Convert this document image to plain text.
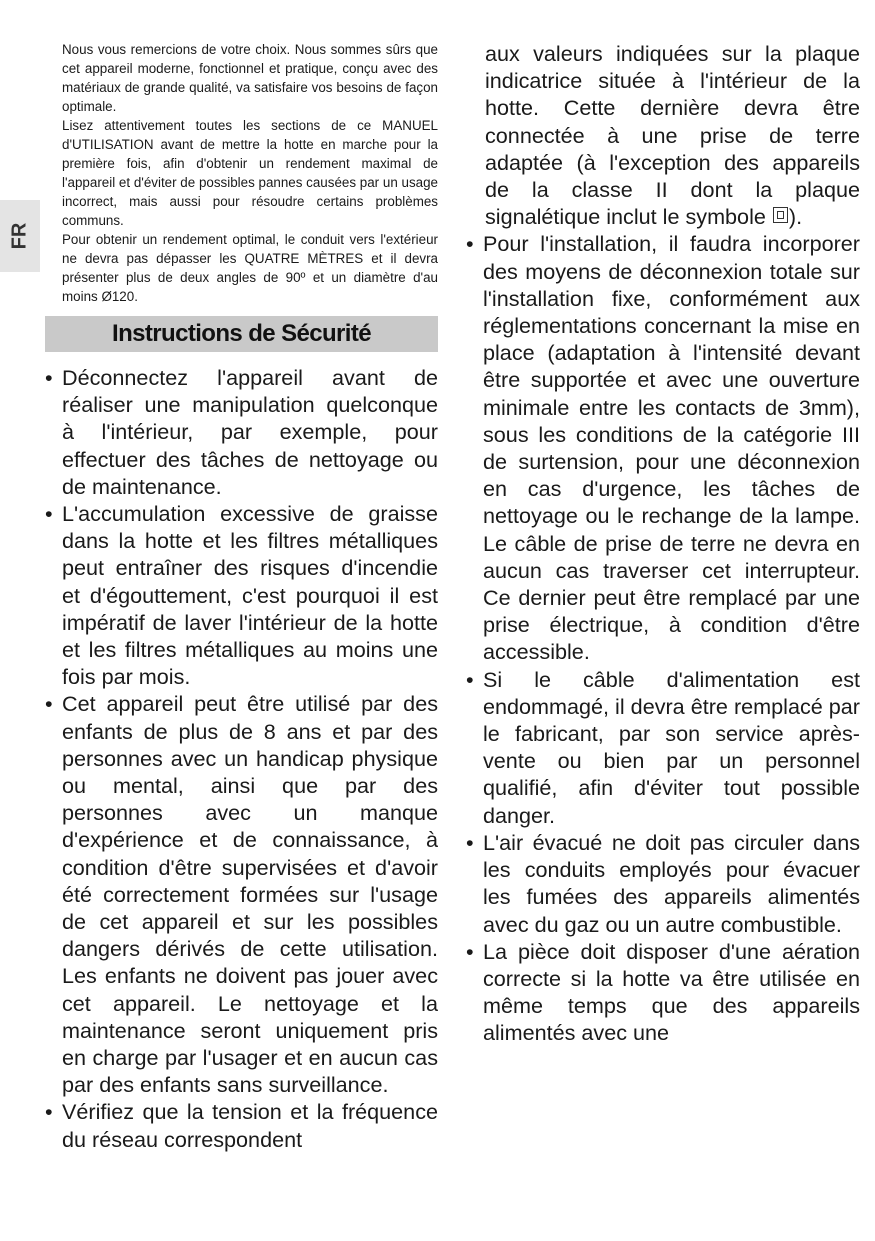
FR

Nous vous remercions de votre choix. Nous sommes sûrs que cet appareil moderne, fonctionnel et pratique, conçu avec des matériaux de grande qualité, va satisfaire vos besoins de façon optimale.

Lisez attentivement toutes les sections de ce MANUEL d'UTILISATION avant de mettre la hotte en marche pour la première fois, afin d'obtenir un rendement maximal de l'appareil et d'éviter de possibles pannes causées par un usage incorrect, mais aussi pour résoudre certains problèmes communs.

Pour obtenir un rendement optimal, le conduit vers l'extérieur ne devra pas dépasser les QUATRE MÈTRES et il devra présenter plus de deux angles de 90º et un diamètre d'au moins Ø120.

Instructions de Sécurité
• Déconnectez l'appareil avant de réaliser une manipulation quelconque à l'intérieur, par exemple, pour effectuer des tâches de nettoyage ou de maintenance.
• L'accumulation excessive de graisse dans la hotte et les filtres métalliques peut entraîner des risques d'incendie et d'égouttement, c'est pourquoi il est impératif de laver l'intérieur de la hotte et les filtres métalliques au moins une fois par mois.
• Cet appareil peut être utilisé par des enfants de plus de 8 ans et par des personnes avec un handicap physique ou mental, ainsi que par des personnes avec un manque d'expérience et de connaissance, à condition d'être supervisées et d'avoir été correctement formées sur l'usage de cet appareil et sur les possibles dangers dérivés de cette utilisation. Les enfants ne doivent pas jouer avec cet appareil. Le nettoyage et la maintenance seront uniquement pris en charge par l'usager et en aucun cas par des enfants sans surveillance.
• Vérifiez que la tension et la fréquence du réseau correspondent

aux valeurs indiquées sur la plaque indicatrice située à l'intérieur de la hotte. Cette dernière devra être connectée à une prise de terre adaptée (à l'exception des appareils de la classe II dont la plaque signalétique inclut le symbole ).

• Pour l'installation, il faudra incorporer des moyens de déconnexion totale sur l'installation fixe, conformément aux réglementations concernant la mise en place (adaptation à l'intensité devant être supportée et avec une ouverture minimale entre les contacts de 3mm), sous les conditions de la catégorie III de surtension, pour une déconnexion en cas d'urgence, les tâches de nettoyage ou le rechange de la lampe. Le câble de prise de terre ne devra en aucun cas traverser cet interrupteur. Ce dernier peut être remplacé par une prise électrique, à condition d'être accessible.
• Si le câble d'alimentation est endommagé, il devra être remplacé par le fabricant, par son service après-vente ou bien par un personnel qualifié, afin d'éviter tout possible danger.
• L'air évacué ne doit pas circuler dans les conduits employés pour évacuer les fumées des appareils alimentés avec du gaz ou un autre combustible.
• La pièce doit disposer d'une aération correcte si la hotte va être utilisée en même temps que des appareils alimentés avec une
